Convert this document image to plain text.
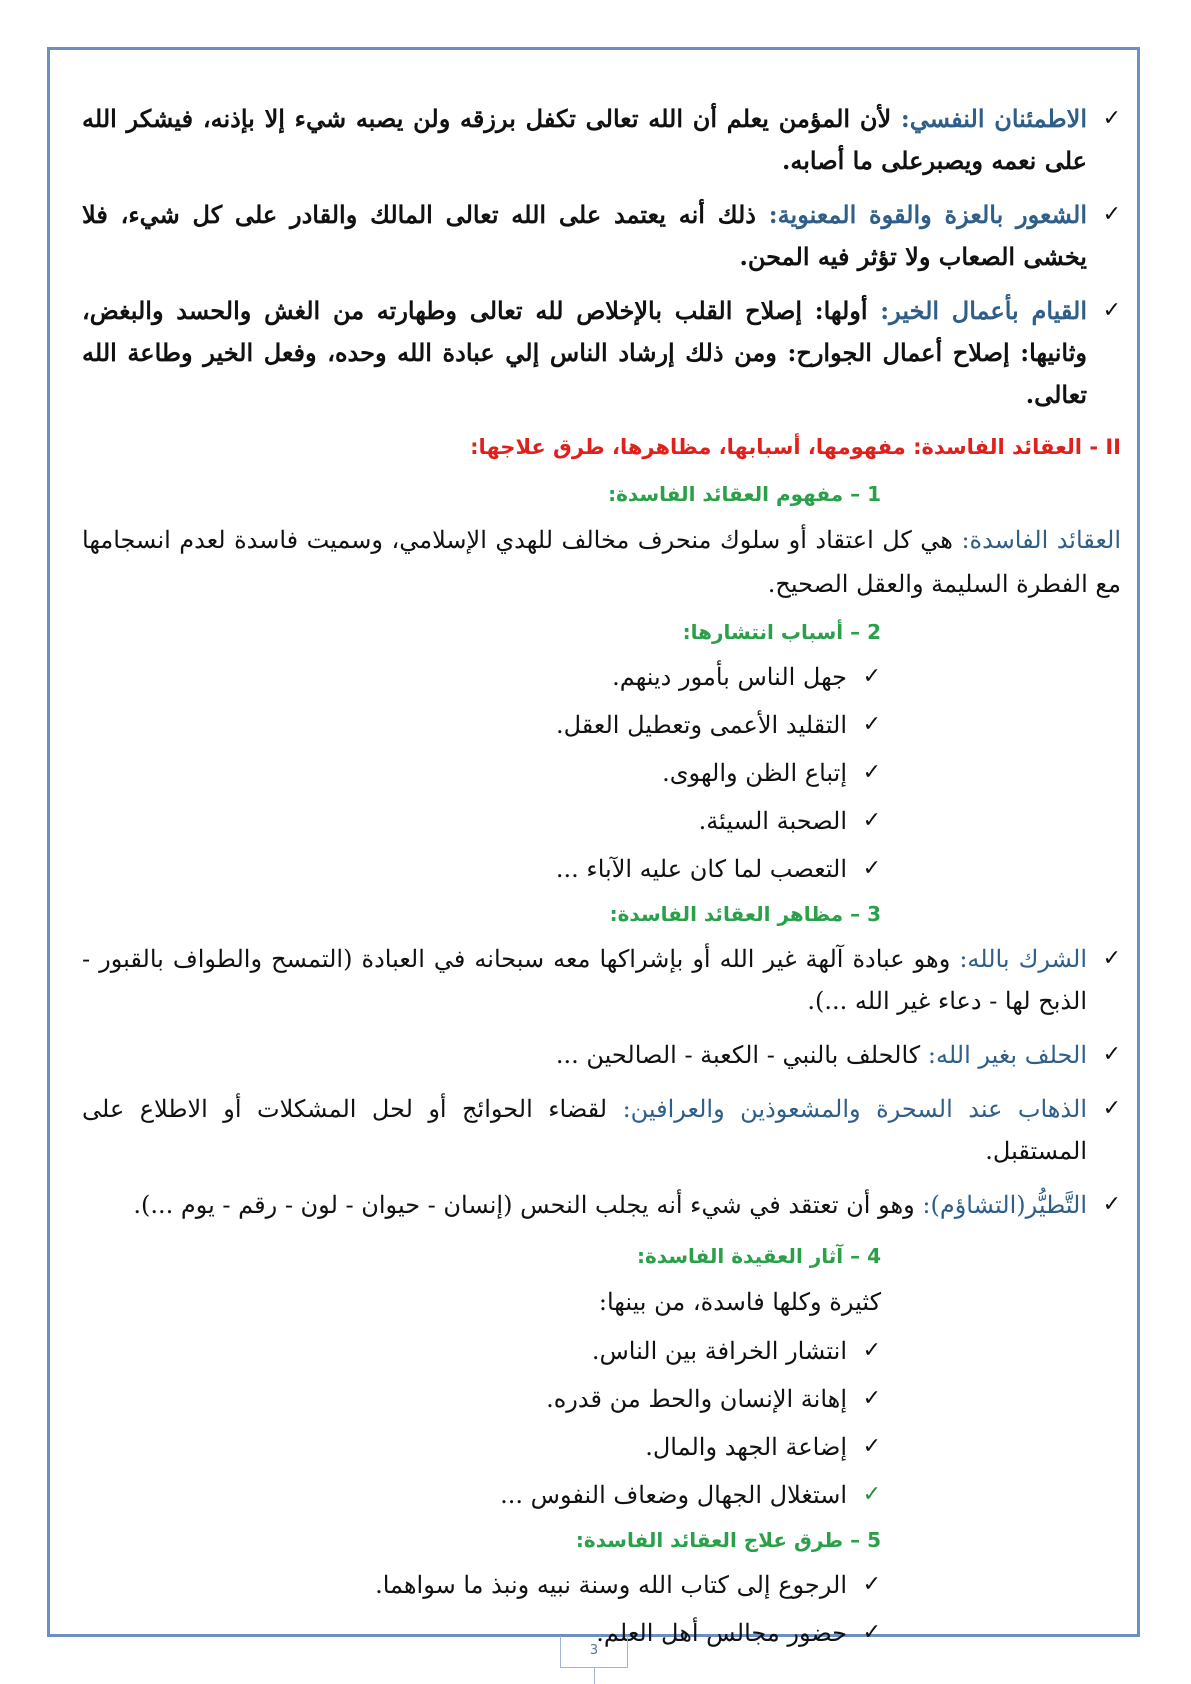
✓
الاطمئنان النفسي: لأن المؤمن يعلم أن الله تعالى تكفل برزقه ولن يصبه شيء إلا بإذنه، فيشكر الله على نعمه ويصبرعلى ما أصابه.
✓
الشعور بالعزة والقوة المعنوية: ذلك أنه يعتمد على الله تعالى المالك والقادر على كل شيء، فلا يخشى الصعاب ولا تؤثر فيه المحن.
✓
القيام بأعمال الخير: أولها: إصلاح القلب بالإخلاص لله تعالى وطهارته من الغش والحسد والبغض، وثانيها: إصلاح أعمال الجوارح: ومن ذلك إرشاد الناس إلي عبادة الله وحده، وفعل الخير وطاعة الله تعالى.
II - العقائد الفاسدة: مفهومها، أسبابها، مظاهرها، طرق علاجها:
1 – مفهوم العقائد الفاسدة:
العقائد الفاسدة: هي كل اعتقاد أو سلوك منحرف مخالف للهدي الإسلامي، وسميت فاسدة لعدم انسجامها مع الفطرة السليمة والعقل الصحيح.
2 – أسباب انتشارها:
✓
جهل الناس بأمور دينهم.
✓
التقليد الأعمى وتعطيل العقل.
✓
إتباع الظن والهوى.
✓
الصحبة السيئة.
✓
التعصب لما كان عليه الآباء ...
3 – مظاهر العقائد الفاسدة:
✓
الشرك بالله: وهو عبادة آلهة غير الله أو بإشراكها معه سبحانه في العبادة (التمسح والطواف بالقبور - الذبح لها - دعاء غير الله ...).
✓
الحلف بغير الله: كالحلف بالنبي - الكعبة - الصالحين ...
✓
الذهاب عند السحرة والمشعوذين والعرافين: لقضاء الحوائج أو لحل المشكلات أو الاطلاع على المستقبل.
✓
التَّطيُّر(التشاؤم): وهو أن تعتقد في شيء أنه يجلب النحس (إنسان - حيوان - لون - رقم - يوم ...).
4 – آثار العقيدة الفاسدة:
كثيرة وكلها فاسدة، من بينها:
✓
انتشار الخرافة بين الناس.
✓
إهانة الإنسان والحط من قدره.
✓
إضاعة الجهد والمال.
✓
استغلال الجهال وضعاف النفوس ...
5 – طرق علاج العقائد الفاسدة:
✓
الرجوع إلى كتاب الله وسنة نبيه ونبذ ما سواهما.
✓
حضور مجالس أهل العلم.
3
